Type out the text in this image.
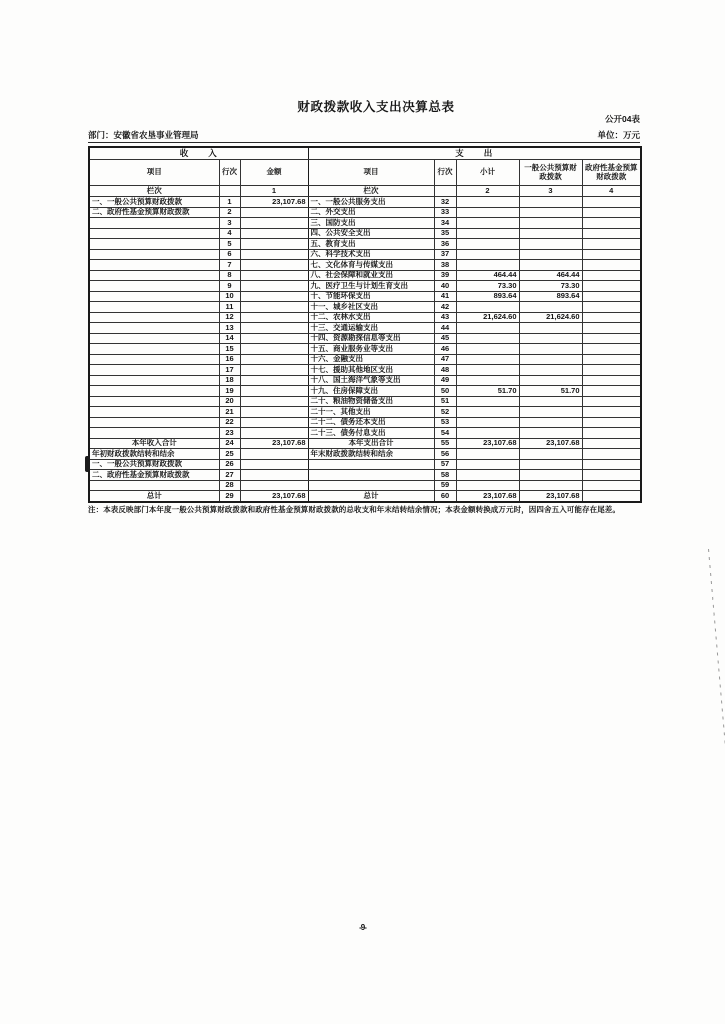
财政拨款收入支出决算总表
公开04表
部门：安徽省农垦事业管理局	单位：万元
收　　入			支　　出				
项目	行次	金额	项目	行次	小计	一般公共预算财政拨款	政府性基金预算财政拨款
栏次		1	栏次		2	3	4
一、一般公共预算财政拨款	1	23,107.68	一、一般公共服务支出	32			
二、政府性基金预算财政拨款	2		二、外交支出	33			
	3		三、国防支出	34			
	4		四、公共安全支出	35			
	5		五、教育支出	36			
	6		六、科学技术支出	37			
	7		七、文化体育与传媒支出	38			
	8		八、社会保障和就业支出	39	464.44	464.44	
	9		九、医疗卫生与计划生育支出	40	73.30	73.30	
	10		十、节能环保支出	41	893.64	893.64	
	11		十一、城乡社区支出	42			
	12		十二、农林水支出	43	21,624.60	21,624.60	
	13		十三、交通运输支出	44			
	14		十四、资源勘探信息等支出	45			
	15		十五、商业服务业等支出	46			
	16		十六、金融支出	47			
	17		十七、援助其他地区支出	48			
	18		十八、国土海洋气象等支出	49			
	19		十九、住房保障支出	50	51.70	51.70	
	20		二十、粮油物资储备支出	51			
	21		二十一、其他支出	52			
	22		二十二、债务还本支出	53			
	23		二十三、债务付息支出	54			
本年收入合计	24	23,107.68	本年支出合计	55	23,107.68	23,107.68	
年初财政拨款结转和结余	25		年末财政拨款结转和结余	56			
一、一般公共预算财政拨款	26			57			
二、政府性基金预算财政拨款	27			58			
	28			59			
总计	29	23,107.68	总计	60	23,107.68	23,107.68	
注：本表反映部门本年度一般公共预算财政拨款和政府性基金预算财政拨款的总收支和年末结转结余情况；本表金额转换成万元时，因四舍五入可能存在尾差。
-9-
